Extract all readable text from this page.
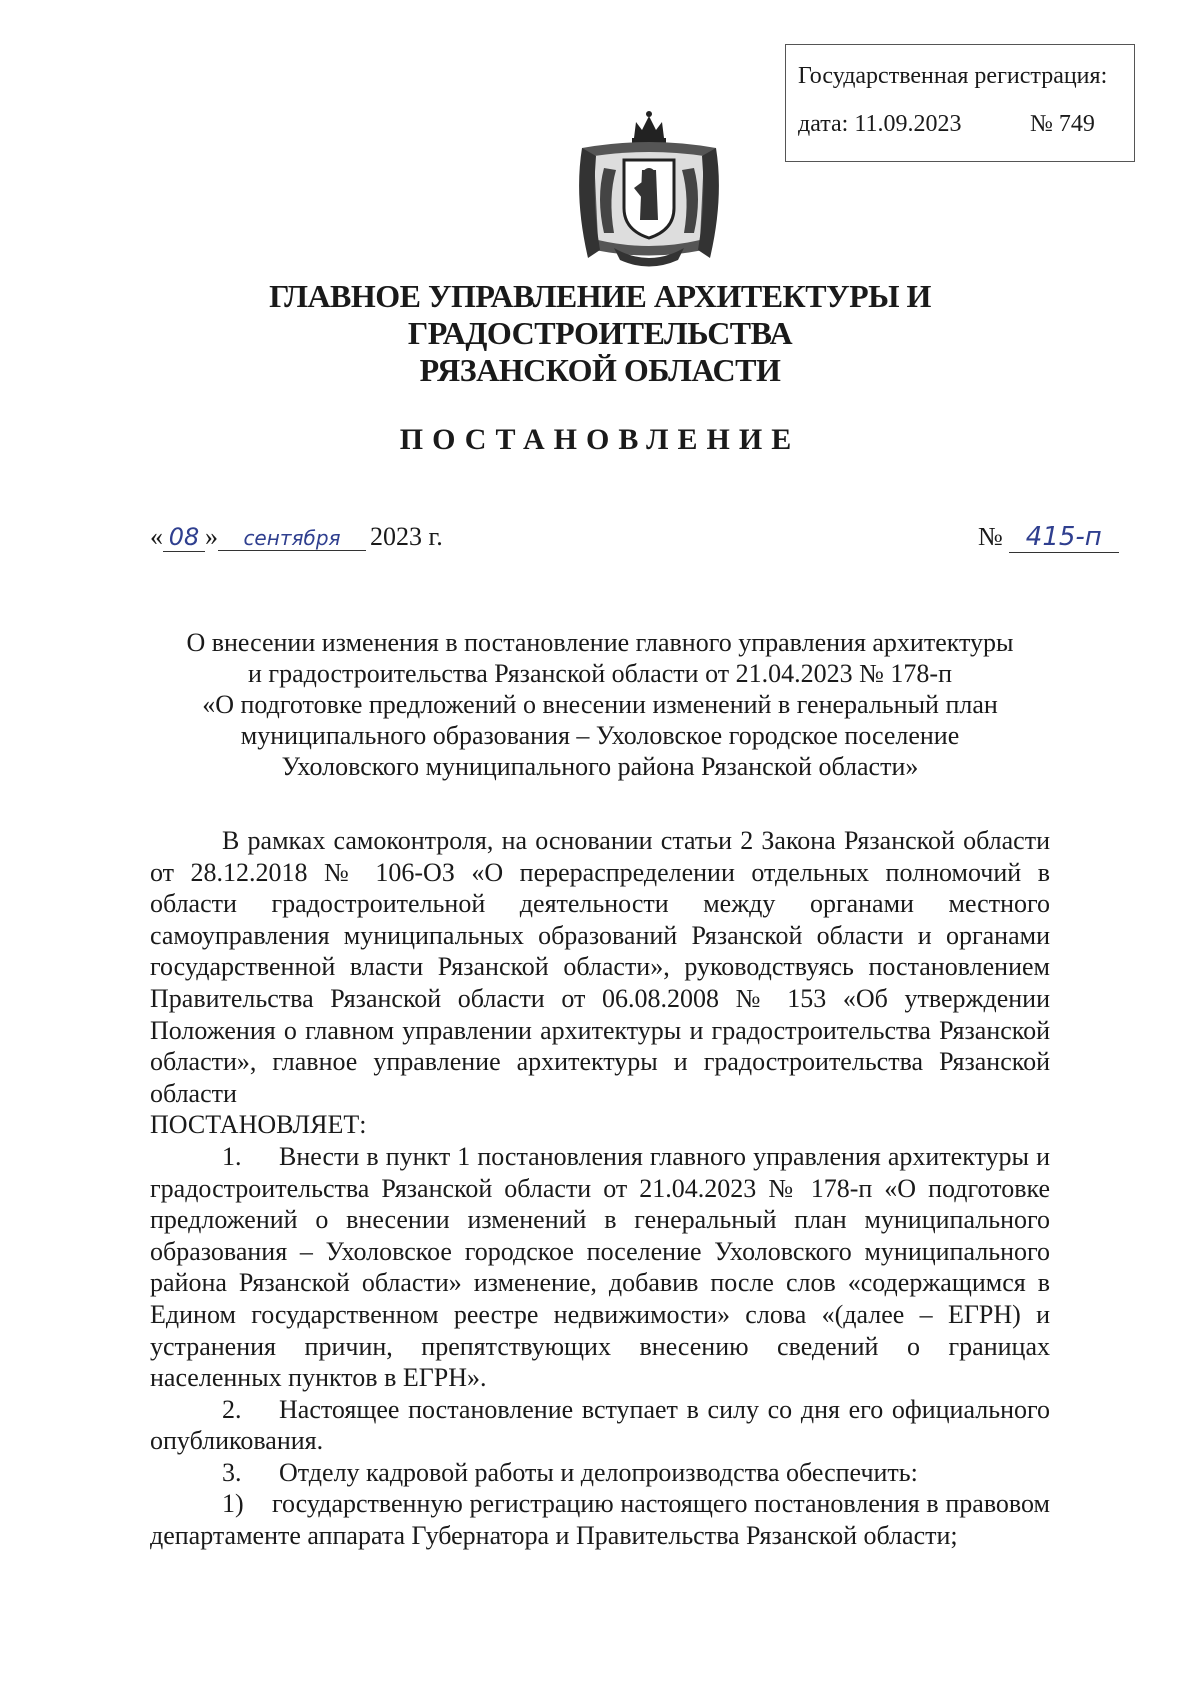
Государственная регистрация:
дата: 11.09.2023	№ 749
ГЛАВНОЕ УПРАВЛЕНИЕ АРХИТЕКТУРЫ И ГРАДОСТРОИТЕЛЬСТВА
РЯЗАНСКОЙ ОБЛАСТИ
ПОСТАНОВЛЕНИЕ
« 08 »	сентября	2023 г.	№ 415-п
О внесении изменения в постановление главного управления архитектуры
и градостроительства Рязанской области от 21.04.2023 № 178-п
«О подготовке предложений о внесении изменений в генеральный план
муниципального образования – Ухоловское городское поселение
Ухоловского муниципального района Рязанской области»

В рамках самоконтроля, на основании статьи 2 Закона Рязанской области от 28.12.2018 № 106-ОЗ «О перераспределении отдельных полномочий в области градостроительной деятельности между органами местного самоуправления муниципальных образований Рязанской области и органами государственной власти Рязанской области», руководствуясь постановлением Правительства Рязанской области от 06.08.2008 № 153 «Об утверждении Положения о главном управлении архитектуры и градостроительства Рязанской области», главное управление архитектуры и градостроительства Рязанской области

ПОСТАНОВЛЯЕТ:

1. Внести в пункт 1 постановления главного управления архитектуры и градостроительства Рязанской области от 21.04.2023 № 178-п «О подготовке предложений о внесении изменений в генеральный план муниципального образования – Ухоловское городское поселение Ухоловского муниципального района Рязанской области» изменение, добавив после слов «содержащимся в Едином государственном реестре недвижимости» слова «(далее – ЕГРН) и устранения причин, препятствующих внесению сведений о границах населенных пунктов в ЕГРН».

2. Настоящее постановление вступает в силу со дня его официального опубликования.

3. Отделу кадровой работы и делопроизводства обеспечить:

1) государственную регистрацию настоящего постановления в правовом департаменте аппарата Губернатора и Правительства Рязанской области;
